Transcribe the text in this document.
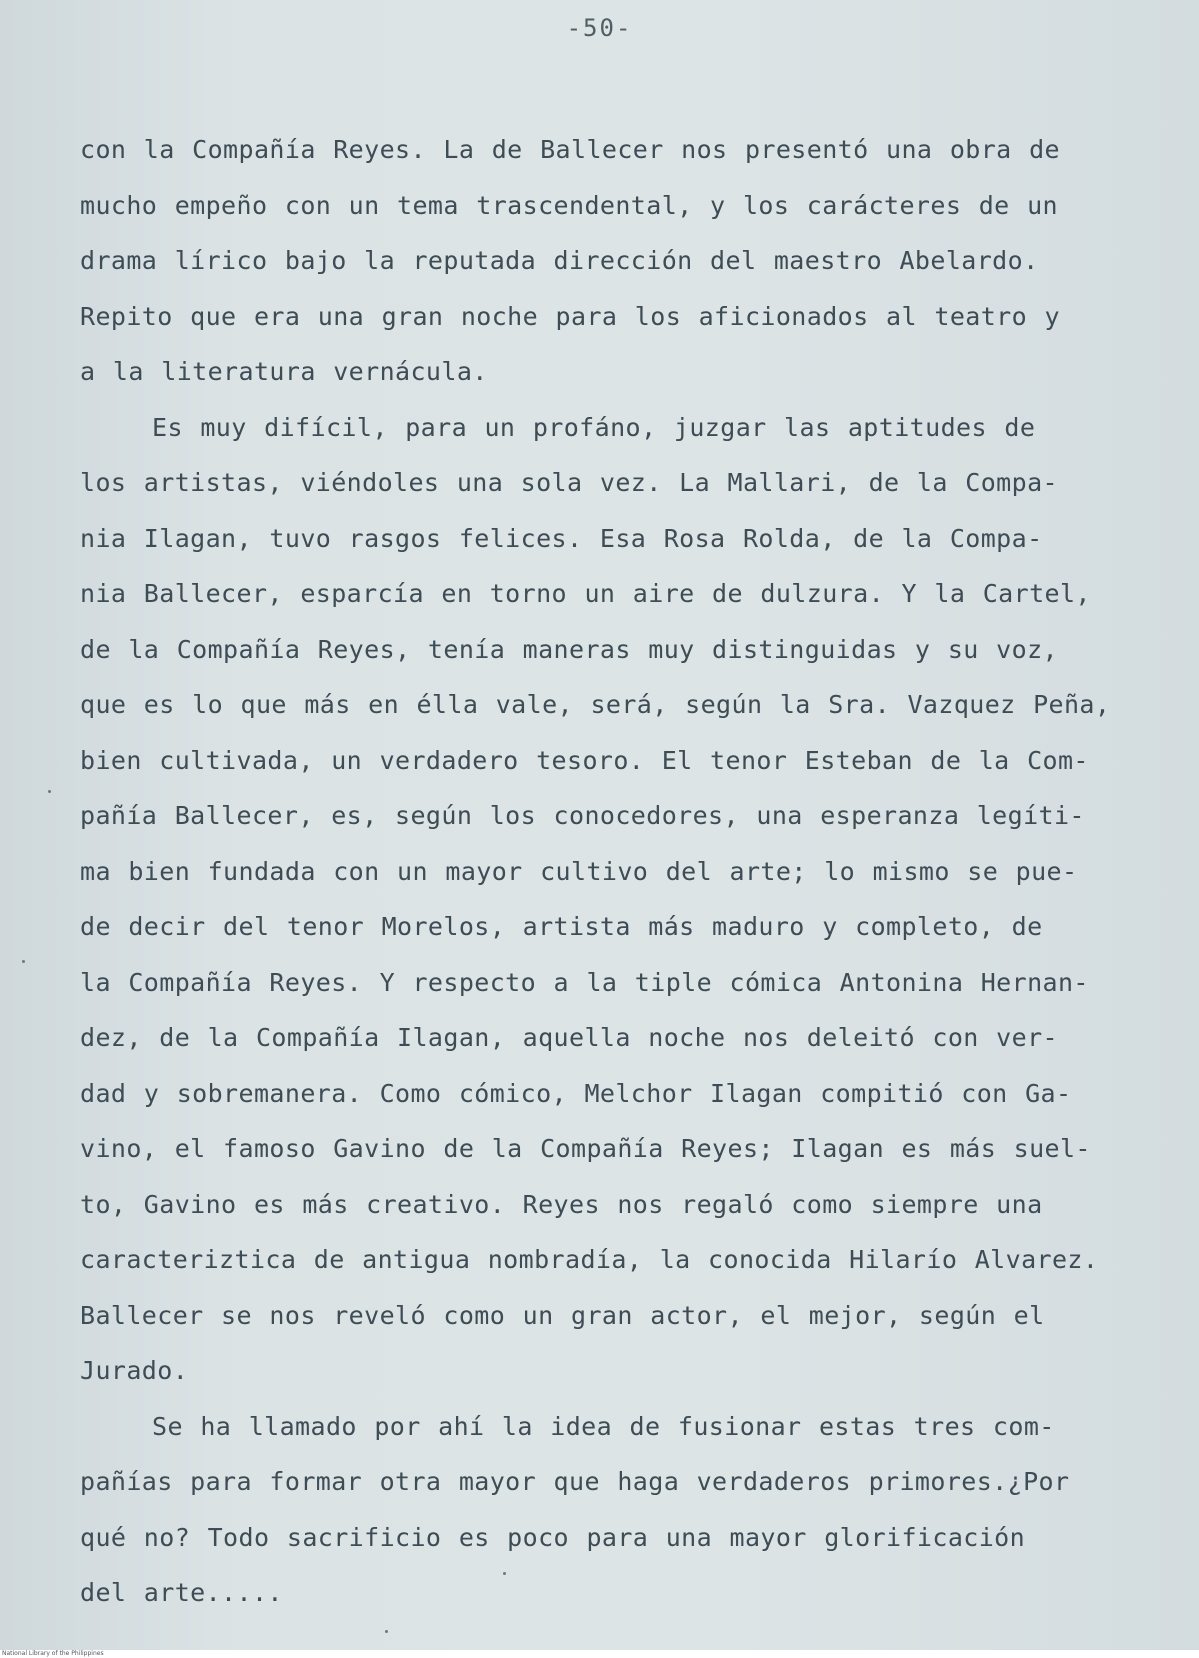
-50-
con la Compañía Reyes. La de Ballecer nos presentó una obra de
mucho empeño con un tema trascendental, y los carácteres de un
drama lírico bajo la reputada dirección del maestro Abelardo.
Repito que era una gran noche para los aficionados al teatro y
a la literatura vernácula.
Es muy difícil, para un profáno, juzgar las aptitudes de
los artistas, viéndoles una sola vez. La Mallari, de la Compa-
nia Ilagan, tuvo rasgos felices. Esa Rosa Rolda, de la Compa-
nia Ballecer, esparcía en torno un aire de dulzura. Y la Cartel,
de la Compañía Reyes, tenía maneras muy distinguidas y su voz,
que es lo que más en élla vale, será, según la Sra. Vazquez Peña,
bien cultivada, un verdadero tesoro. El tenor Esteban de la Com-
pañía Ballecer, es, según los conocedores, una esperanza legíti-
ma bien fundada con un mayor cultivo del arte; lo mismo se pue-
de decir del tenor Morelos, artista más maduro y completo, de
la Compañía Reyes. Y respecto a la tiple cómica Antonina Hernan-
dez, de la Compañía Ilagan, aquella noche nos deleitó con ver-
dad y sobremanera. Como cómico, Melchor Ilagan compitió con Ga-
vino, el famoso Gavino de la Compañía Reyes; Ilagan es más suel-
to, Gavino es más creativo. Reyes nos regaló como siempre una
caracteriztica de antigua nombradía, la conocida Hilarío Alvarez.
Ballecer se nos reveló como un gran actor, el mejor, según el
Jurado.
Se ha llamado por ahí la idea de fusionar estas tres com-
pañías para formar otra mayor que haga verdaderos primores.¿Por
qué no? Todo sacrificio es poco para una mayor glorificación
del arte.....
National Library of the Philippines
